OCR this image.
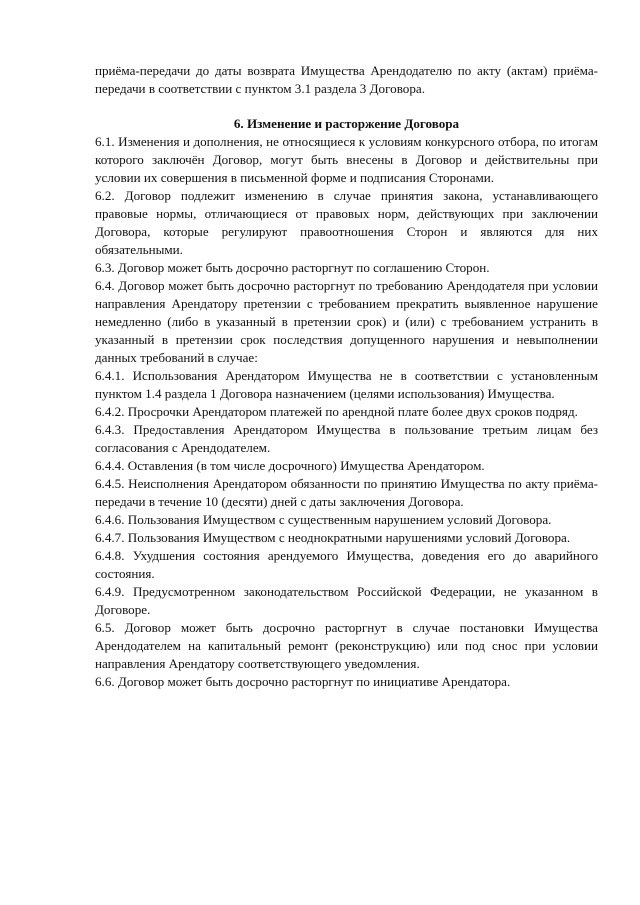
приёма-передачи до даты возврата Имущества Арендодателю по акту (актам) приёма-передачи в соответствии с пунктом 3.1 раздела 3 Договора.

6. Изменение и расторжение Договора

6.1. Изменения и дополнения, не относящиеся к условиям конкурсного отбора, по итогам которого заключён Договор, могут быть внесены в Договор и действительны при условии их совершения в письменной форме и подписания Сторонами.

6.2. Договор подлежит изменению в случае принятия закона, устанавливающего правовые нормы, отличающиеся от правовых норм, действующих при заключении Договора, которые регулируют правоотношения Сторон и являются для них обязательными.

6.3. Договор может быть досрочно расторгнут по соглашению Сторон.

6.4. Договор может быть досрочно расторгнут по требованию Арендодателя при условии направления Арендатору претензии с требованием прекратить выявленное нарушение немедленно (либо в указанный в претензии срок) и (или) с требованием устранить в указанный в претензии срок последствия допущенного нарушения и невыполнении данных требований в случае:

6.4.1. Использования Арендатором Имущества не в соответствии с установленным пунктом 1.4 раздела 1 Договора назначением (целями использования) Имущества.

6.4.2. Просрочки Арендатором платежей по арендной плате более двух сроков подряд.

6.4.3. Предоставления Арендатором Имущества в пользование третьим лицам без согласования с Арендодателем.

6.4.4. Оставления (в том числе досрочного) Имущества Арендатором.

6.4.5. Неисполнения Арендатором обязанности по принятию Имущества по акту приёма-передачи в течение 10 (десяти) дней с даты заключения Договора.

6.4.6. Пользования Имуществом с существенным нарушением условий Договора.

6.4.7. Пользования Имуществом с неоднократными нарушениями условий Договора.

6.4.8. Ухудшения состояния арендуемого Имущества, доведения его до аварийного состояния.

6.4.9. Предусмотренном законодательством Российской Федерации, не указанном в Договоре.

6.5. Договор может быть досрочно расторгнут в случае постановки Имущества Арендодателем на капитальный ремонт (реконструкцию) или под снос при условии направления Арендатору соответствующего уведомления.

6.6. Договор может быть досрочно расторгнут по инициативе Арендатора.
